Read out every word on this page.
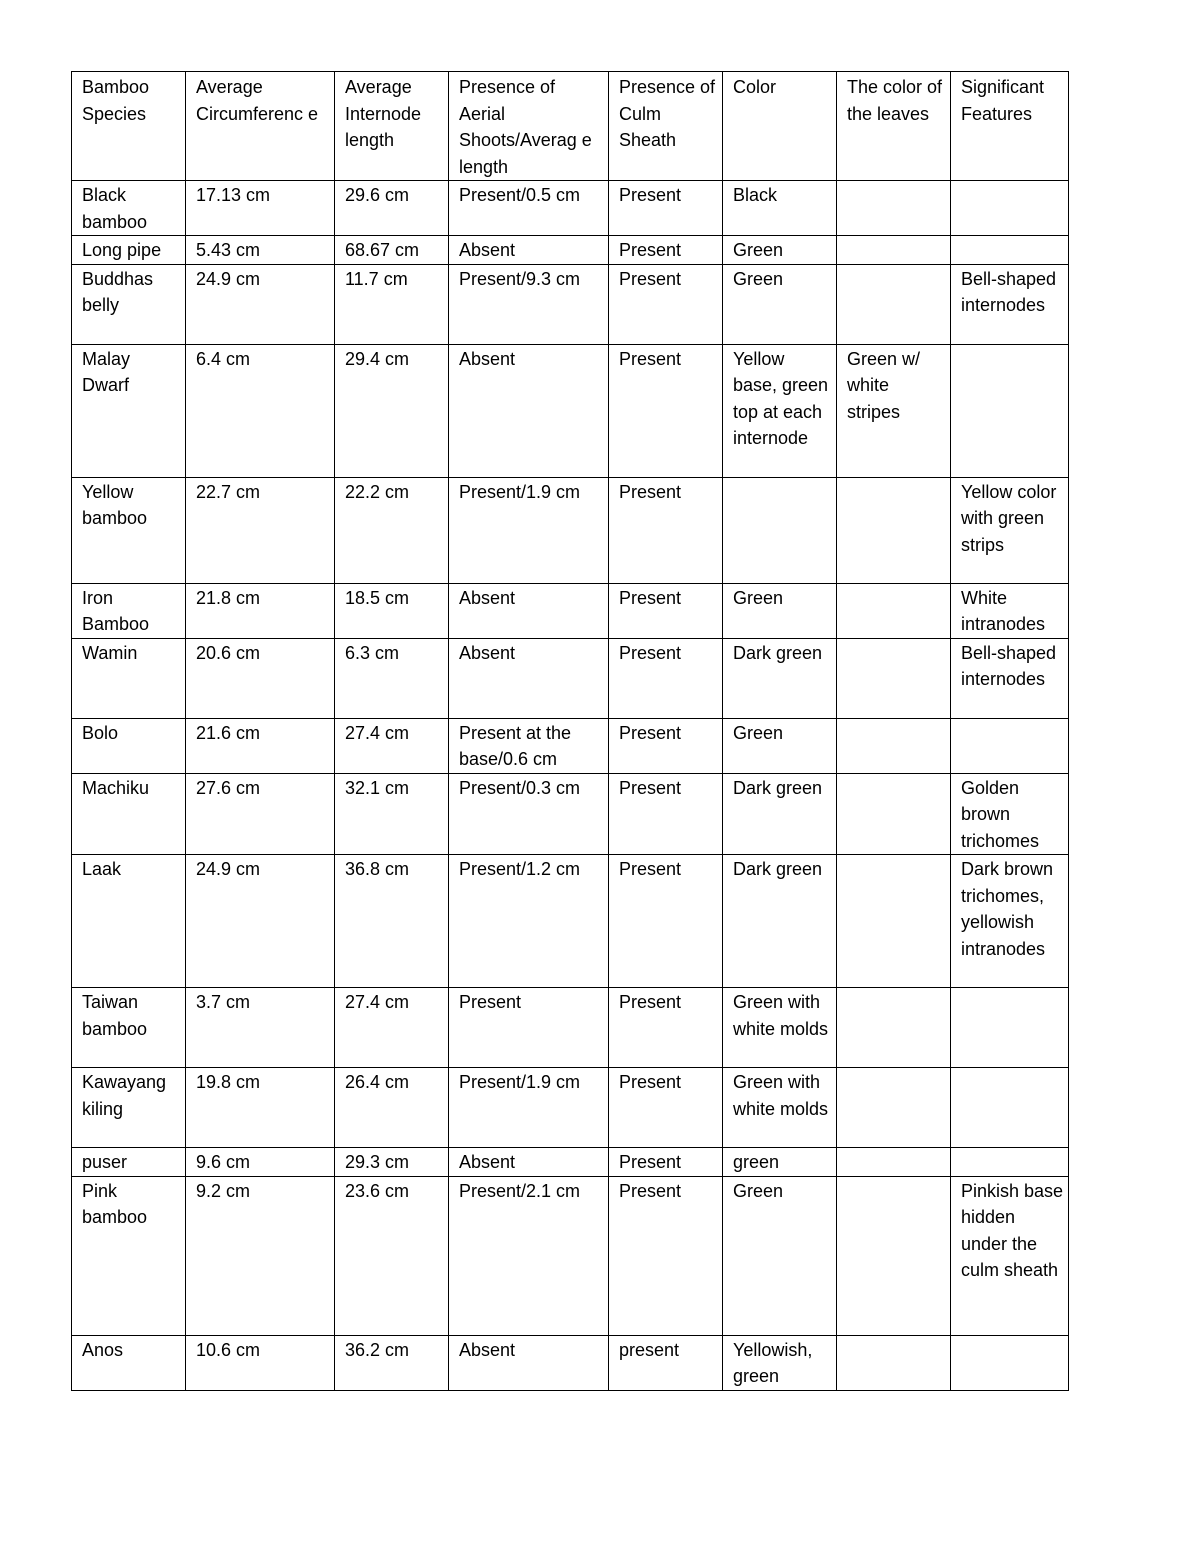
Bamboo Species	Average Circumferenc e	Average Internode length	Presence of Aerial Shoots/Averag e length	Presence of Culm Sheath	Color	The color of the leaves	Significant Features
Black bamboo	17.13 cm	29.6 cm	Present/0.5 cm	Present	Black		
Long pipe	5.43 cm	68.67 cm	Absent	Present	Green		
Buddhas belly	24.9 cm	11.7 cm	Present/9.3 cm	Present	Green		Bell-shaped internodes
Malay Dwarf	6.4 cm	29.4 cm	Absent	Present	Yellow base, green top at each internode	Green w/ white stripes	
Yellow bamboo	22.7 cm	22.2 cm	Present/1.9 cm	Present			Yellow color with green strips
Iron Bamboo	21.8 cm	18.5 cm	Absent	Present	Green		White intranodes
Wamin	20.6 cm	6.3 cm	Absent	Present	Dark green		Bell-shaped internodes
Bolo	21.6 cm	27.4 cm	Present at the base/0.6 cm	Present	Green		
Machiku	27.6 cm	32.1 cm	Present/0.3 cm	Present	Dark green		Golden brown trichomes
Laak	24.9 cm	36.8 cm	Present/1.2 cm	Present	Dark green		Dark brown trichomes, yellowish intranodes
Taiwan bamboo	3.7 cm	27.4 cm	Present	Present	Green with white molds		
Kawayang kiling	19.8 cm	26.4 cm	Present/1.9 cm	Present	Green with white molds		
puser	9.6 cm	29.3 cm	Absent	Present	green		
Pink bamboo	9.2 cm	23.6 cm	Present/2.1 cm	Present	Green		Pinkish base hidden under the culm sheath
Anos	10.6 cm	36.2 cm	Absent	present	Yellowish, green		
